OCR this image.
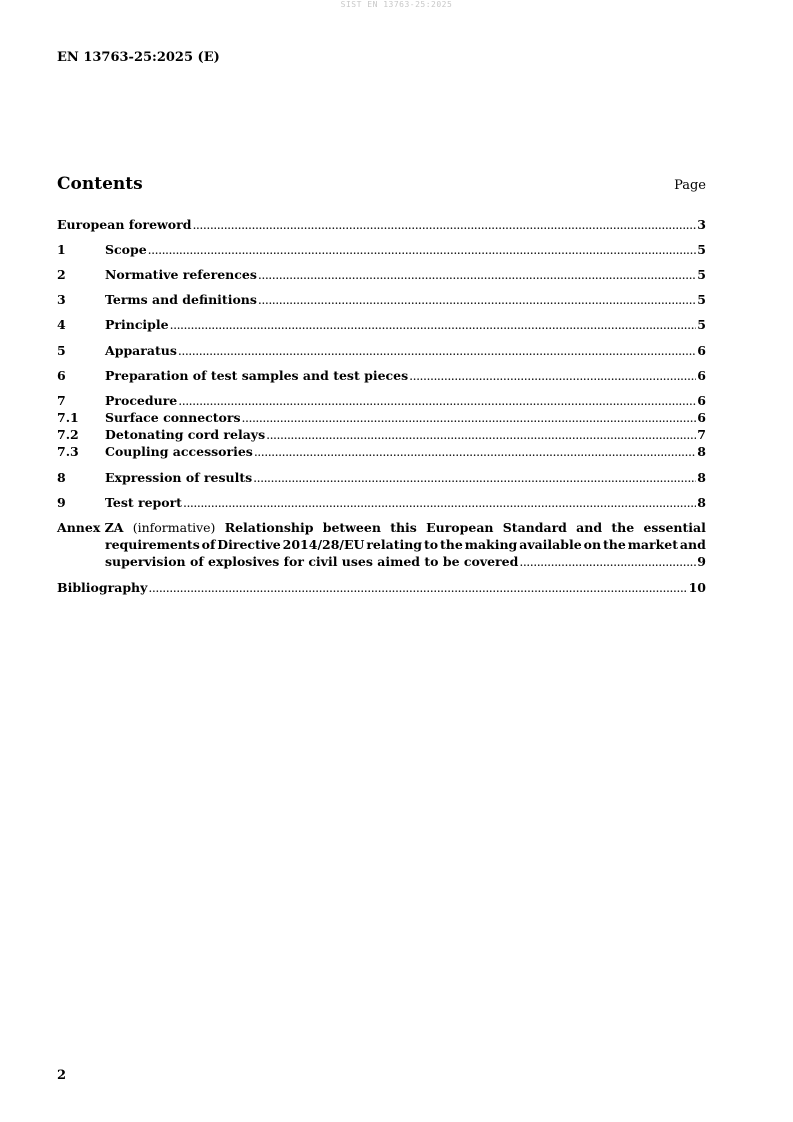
SIST EN 13763-25:2025
EN 13763-25:2025 (E)
Contents	Page
European foreword .....	3
1	Scope .....	5
2	Normative references .....	5
3	Terms and definitions .....	5
4	Principle .....	5
5	Apparatus .....	6
6	Preparation of test samples and test pieces .....	6
7	Procedure .....	6
7.1	Surface connectors .....	6
7.2	Detonating cord relays .....	7
7.3	Coupling accessories .....	8
8	Expression of results .....	8
9	Test report .....	8
Annex ZA (informative) Relationship between this European Standard and the essential
requirements of Directive 2014/28/EU relating to the making available on the market and
supervision of explosives for civil uses aimed to be covered .....	9
Bibliography .....	10
2
